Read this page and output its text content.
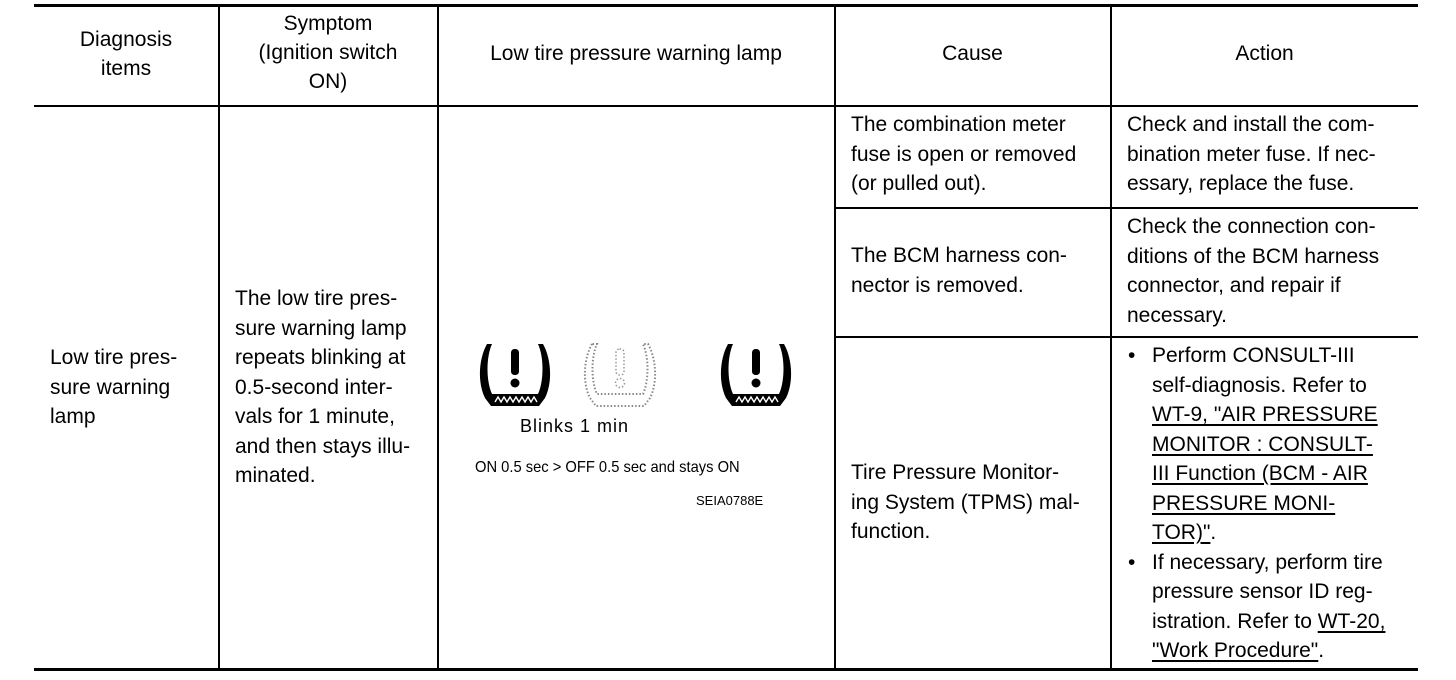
Diagnosis
items
Symptom
(Ignition switch
ON)
Low tire pressure warning lamp	Cause	Action
Low tire pres-
sure warning
lamp
The low tire pres-
sure warning lamp
repeats blinking at
0.5-second inter-
vals for 1 minute,
and then stays illu-
minated.
The combination meter
fuse is open or removed
(or pulled out).
Check and install the com-
bination meter fuse. If nec-
essary, replace the fuse.
The BCM harness con-
nector is removed.
Check the connection con-
ditions of the BCM harness
connector, and repair if
necessary.
Tire Pressure Monitor-
ing System (TPMS) mal-
function.
• Perform CONSULT-III
self-diagnosis. Refer to
WT-9, "AIR PRESSURE
MONITOR : CONSULT-
III Function (BCM - AIR
PRESSURE MONI-
TOR)".
• If necessary, perform tire
pressure sensor ID reg-
istration. Refer to WT-20,
"Work Procedure".
Blinks 1 min
ON 0.5 sec > OFF 0.5 sec and stays ON
SEIA0788E
